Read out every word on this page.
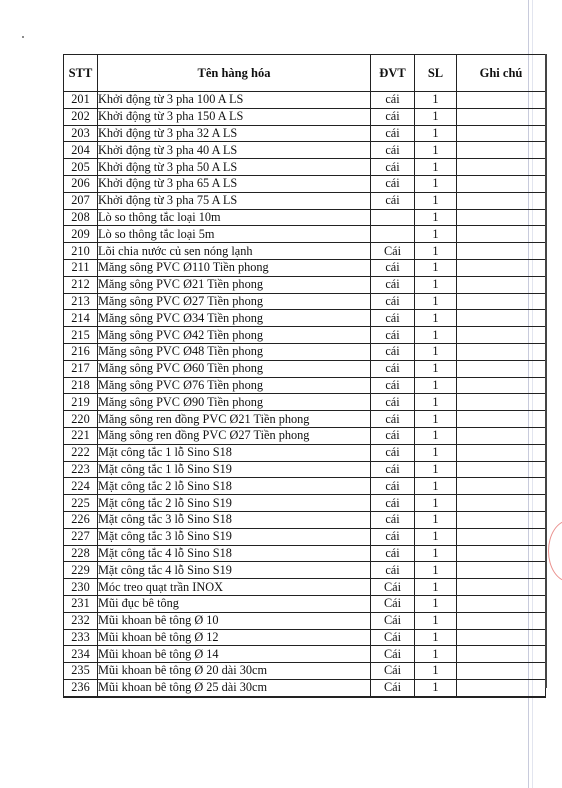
STT	Tên hàng hóa	ĐVT	SL	Ghi chú
201	Khởi động từ 3 pha 100 A LS	cái	1	
202	Khởi động từ 3 pha 150 A LS	cái	1	
203	Khởi động từ 3 pha 32 A LS	cái	1	
204	Khởi động từ 3 pha 40 A LS	cái	1	
205	Khởi động từ 3 pha 50 A LS	cái	1	
206	Khởi động từ 3 pha 65 A LS	cái	1	
207	Khởi động từ 3 pha 75 A LS	cái	1	
208	Lò so thông tắc loại 10m		1	
209	Lò so thông tắc loại 5m		1	
210	Lõi chia nước củ sen nóng lạnh	Cái	1	
211	Măng sông PVC Ø110 Tiền phong	cái	1	
212	Măng sông PVC Ø21 Tiền phong	cái	1	
213	Măng sông PVC Ø27 Tiền phong	cái	1	
214	Măng sông PVC Ø34 Tiền phong	cái	1	
215	Măng sông PVC Ø42 Tiền phong	cái	1	
216	Măng sông PVC Ø48 Tiền phong	cái	1	
217	Măng sông PVC Ø60 Tiền phong	cái	1	
218	Măng sông PVC Ø76 Tiền phong	cái	1	
219	Măng sông PVC Ø90 Tiền phong	cái	1	
220	Măng sông ren đồng PVC Ø21 Tiền phong	cái	1	
221	Măng sông ren đồng PVC Ø27 Tiền phong	cái	1	
222	Mặt công tắc 1 lỗ Sino S18	cái	1	
223	Mặt công tắc 1 lỗ Sino S19	cái	1	
224	Mặt công tắc 2 lỗ Sino S18	cái	1	
225	Mặt công tắc 2 lỗ Sino S19	cái	1	
226	Mặt công tắc 3 lỗ Sino S18	cái	1	
227	Mặt công tắc 3 lỗ Sino S19	cái	1	
228	Mặt công tắc 4 lỗ Sino S18	cái	1	
229	Mặt công tắc 4 lỗ Sino S19	cái	1	
230	Móc treo quạt trần INOX	Cái	1	
231	Mũi đục bê tông	Cái	1	
232	Mũi khoan bê tông Ø 10	Cái	1	
233	Mũi khoan bê tông Ø 12	Cái	1	
234	Mũi khoan bê tông Ø 14	Cái	1	
235	Mũi khoan bê tông Ø 20 dài 30cm	Cái	1	
236	Mũi khoan bê tông Ø 25 dài 30cm	Cái	1	
